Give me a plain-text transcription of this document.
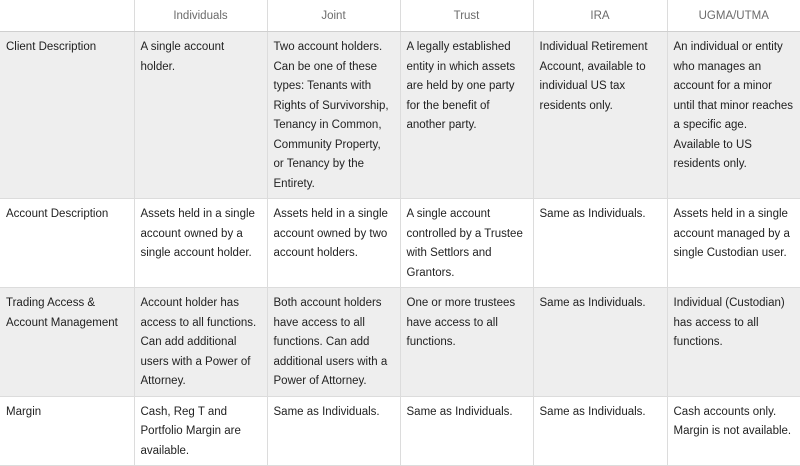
	Individuals	Joint	Trust	IRA	UGMA/UTMA
Client Description	A single account holder.	Two account holders. Can be one of these types: Tenants with Rights of Survivorship, Tenancy in Common, Community Property, or Tenancy by the Entirety.	A legally established entity in which assets are held by one party for the benefit of another party.	Individual Retirement Account, available to individual US tax residents only.	An individual or entity who manages an account for a minor until that minor reaches a specific age. Available to US residents only.
Account Description	Assets held in a single account owned by a single account holder.	Assets held in a single account owned by two account holders.	A single account controlled by a Trustee with Settlors and Grantors.	Same as Individuals.	Assets held in a single account managed by a single Custodian user.
Trading Access & Account Management	Account holder has access to all functions. Can add additional users with a Power of Attorney.	Both account holders have access to all functions. Can add additional users with a Power of Attorney.	One or more trustees have access to all functions.	Same as Individuals.	Individual (Custodian) has access to all functions.
Margin	Cash, Reg T and Portfolio Margin are available.	Same as Individuals.	Same as Individuals.	Same as Individuals.	Cash accounts only. Margin is not available.
